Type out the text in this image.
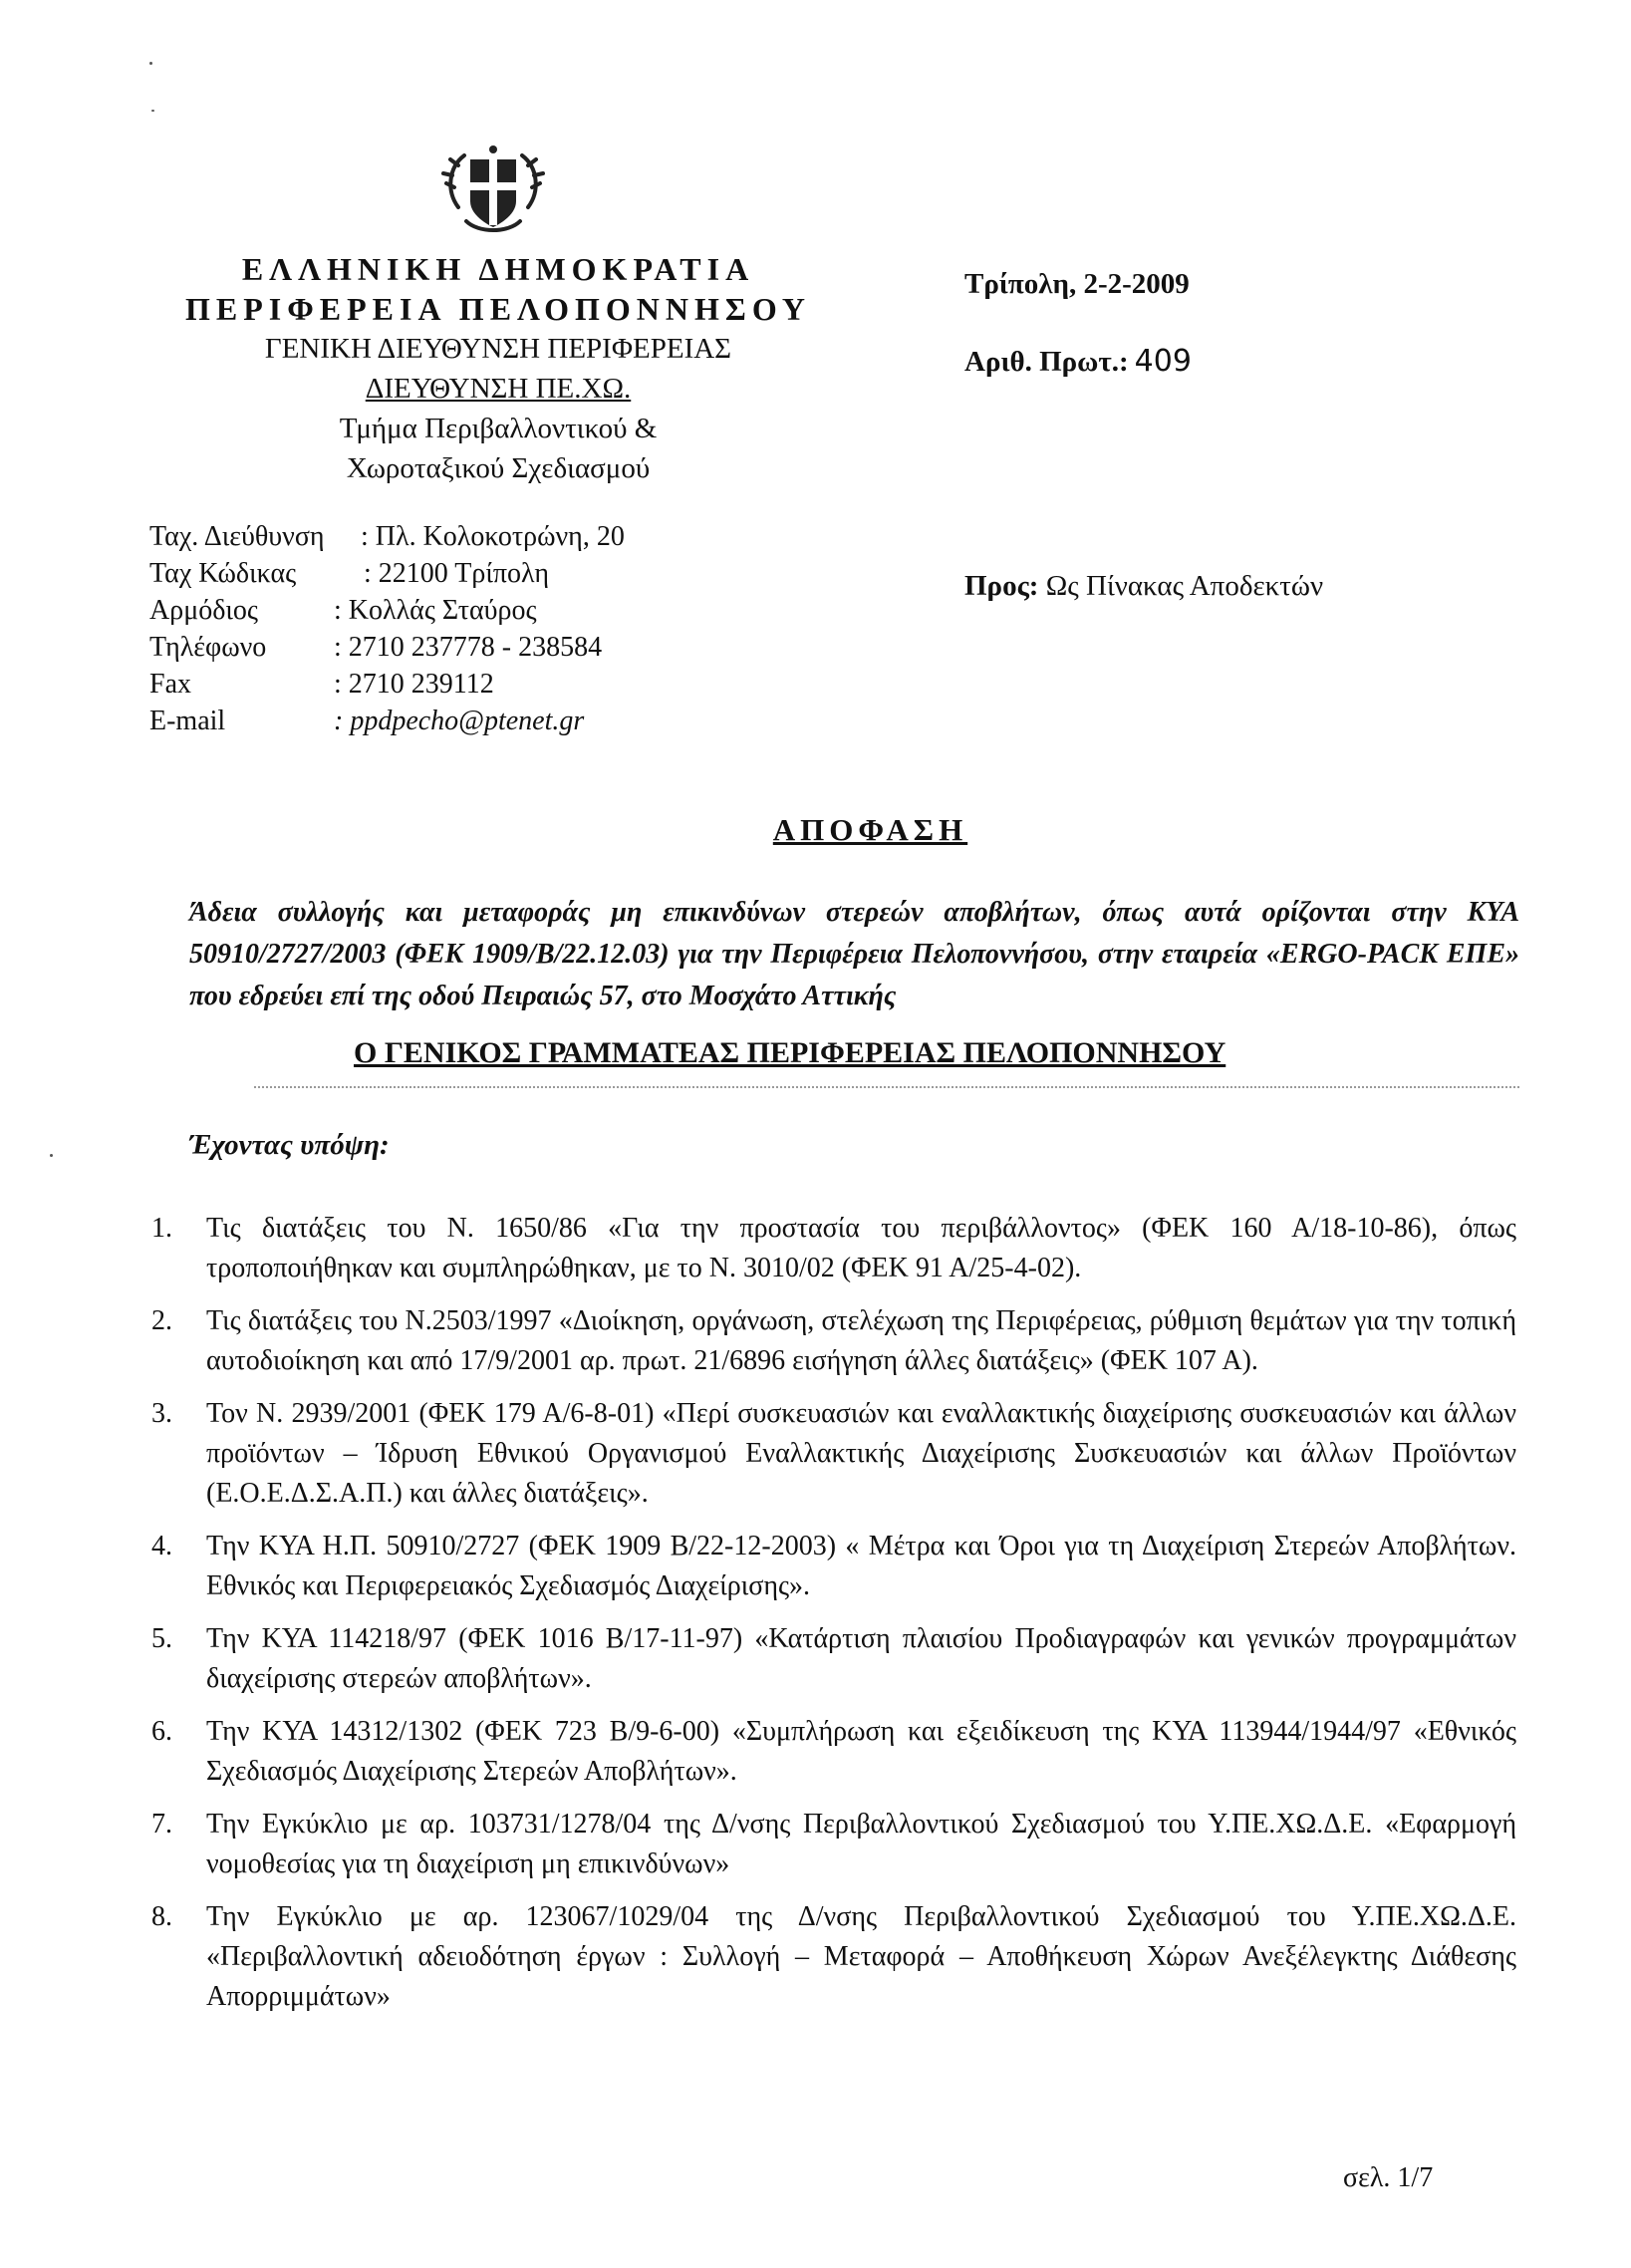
ΕΛΛΗΝΙΚΗ ΔΗΜΟΚΡΑΤΙΑ
ΠΕΡΙΦΕΡΕΙΑ ΠΕΛΟΠΟΝΝΗΣΟΥ
ΓΕΝΙΚΗ ΔΙΕΥΘΥΝΣΗ ΠΕΡΙΦΕΡΕΙΑΣ
ΔΙΕΥΘΥΝΣΗ ΠΕ.ΧΩ.
Τμήμα Περιβαλλοντικού &
Χωροταξικού Σχεδιασμού
Τρίπολη, 2-2-2009
Αριθ. Πρωτ.: 409
Ταχ. Διεύθυνση : Πλ. Κολοκοτρώνη, 20
Ταχ Κώδικας : 22100 Τρίπολη
Αρμόδιος	: Κολλάς Σταύρος
Τηλέφωνο : 2710 237778 - 238584
Fax	: 2710 239112
E-mail	: ppdpecho@ptenet.gr
Προς: Ως Πίνακας Αποδεκτών
ΑΠΟΦΑΣΗ
Άδεια συλλογής και μεταφοράς μη επικινδύνων στερεών αποβλήτων, όπως αυτά ορίζονται στην ΚΥΑ 50910/2727/2003 (ΦΕΚ 1909/Β/22.12.03) για την Περιφέρεια Πελοποννήσου, στην εταιρεία «ERGO-PACK ΕΠΕ» που εδρεύει επί της οδού Πειραιώς 57, στο Μοσχάτο Αττικής
Ο ΓΕΝΙΚΟΣ ΓΡΑΜΜΑΤΕΑΣ ΠΕΡΙΦΕΡΕΙΑΣ ΠΕΛΟΠΟΝΝΗΣΟΥ
Έχοντας υπόψη:
1. Τις διατάξεις του Ν. 1650/86 «Για την προστασία του περιβάλλοντος» (ΦΕΚ 160 Α/18-10-86), όπως τροποποιήθηκαν και συμπληρώθηκαν, με το Ν. 3010/02 (ΦΕΚ 91 Α/25-4-02).
2. Τις διατάξεις του Ν.2503/1997 «Διοίκηση, οργάνωση, στελέχωση της Περιφέρειας, ρύθμιση θεμάτων για την τοπική αυτοδιοίκηση και από 17/9/2001 αρ. πρωτ. 21/6896 εισήγηση άλλες διατάξεις» (ΦΕΚ 107 Α).
3. Τον Ν. 2939/2001 (ΦΕΚ 179 Α/6-8-01) «Περί συσκευασιών και εναλλακτικής διαχείρισης συσκευασιών και άλλων προϊόντων – Ίδρυση Εθνικού Οργανισμού Εναλλακτικής Διαχείρισης Συσκευασιών και άλλων Προϊόντων (Ε.Ο.Ε.Δ.Σ.Α.Π.) και άλλες διατάξεις».
4. Την ΚΥΑ Η.Π. 50910/2727 (ΦΕΚ 1909 Β/22-12-2003) « Μέτρα και Όροι για τη Διαχείριση Στερεών Αποβλήτων. Εθνικός και Περιφερειακός Σχεδιασμός Διαχείρισης».
5. Την ΚΥΑ 114218/97 (ΦΕΚ 1016 Β/17-11-97) «Κατάρτιση πλαισίου Προδιαγραφών και γενικών προγραμμάτων διαχείρισης στερεών αποβλήτων».
6. Την ΚΥΑ 14312/1302 (ΦΕΚ 723 Β/9-6-00) «Συμπλήρωση και εξειδίκευση της ΚΥΑ 113944/1944/97 «Εθνικός Σχεδιασμός Διαχείρισης Στερεών Αποβλήτων».
7. Την Εγκύκλιο με αρ. 103731/1278/04 της Δ/νσης Περιβαλλοντικού Σχεδιασμού του Υ.ΠΕ.ΧΩ.Δ.Ε. «Εφαρμογή νομοθεσίας για τη διαχείριση μη επικινδύνων»
8. Την Εγκύκλιο με αρ. 123067/1029/04 της Δ/νσης Περιβαλλοντικού Σχεδιασμού του Υ.ΠΕ.ΧΩ.Δ.Ε. «Περιβαλλοντική αδειοδότηση έργων : Συλλογή – Μεταφορά – Αποθήκευση Χώρων Ανεξέλεγκτης Διάθεσης Απορριμμάτων»
σελ. 1/7
